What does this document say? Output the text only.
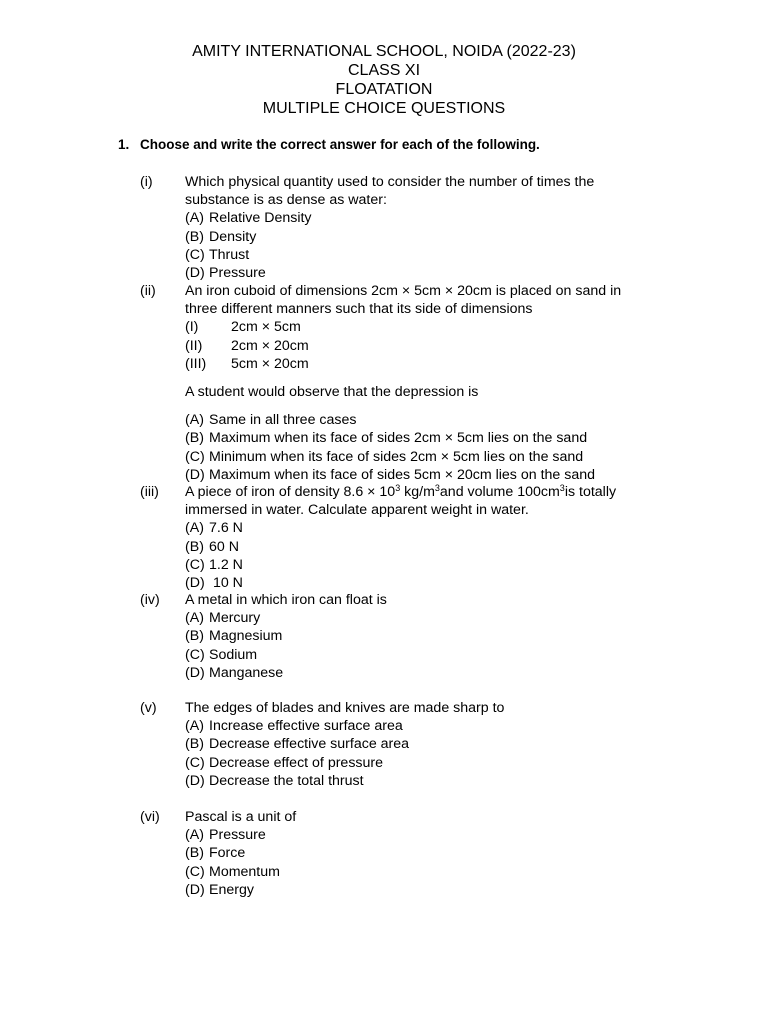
AMITY INTERNATIONAL SCHOOL, NOIDA (2022-23)
CLASS XI
FLOATATION
MULTIPLE CHOICE QUESTIONS
1. Choose and write the correct answer for each of the following.
(i) Which physical quantity used to consider the number of times the
substance is as dense as water:
(A) Relative Density
(B) Density
(C) Thrust
(D) Pressure
(ii) An iron cuboid of dimensions 2cm × 5cm × 20cm is placed on sand in
three different manners such that its side of dimensions
(I) 2cm × 5cm
(II) 2cm × 20cm
(III) 5cm × 20cm
A student would observe that the depression is
(A) Same in all three cases
(B) Maximum when its face of sides 2cm × 5cm lies on the sand
(C) Minimum when its face of sides 2cm × 5cm lies on the sand
(D) Maximum when its face of sides 5cm × 20cm lies on the sand
(iii) A piece of iron of density $8.6 \times 10^3$ $kg/m^3and$ volume $100cm^3is$ totally
immersed in water. Calculate apparent weight in water.
(A) 7.6 N
(B) 60 N
(C) 1.2 N
(D) 10 N
(iv) A metal in which iron can float is
(A) Mercury
(B) Magnesium
(C) Sodium
(D) Manganese
(v) The edges of blades and knives are made sharp to
(A) Increase effective surface area
(B) Decrease effective surface area
(C) Decrease effect of pressure
(D) Decrease the total thrust
(vi) Pascal is a unit of
(A) Pressure
(B) Force
(C) Momentum
(D) Energy
